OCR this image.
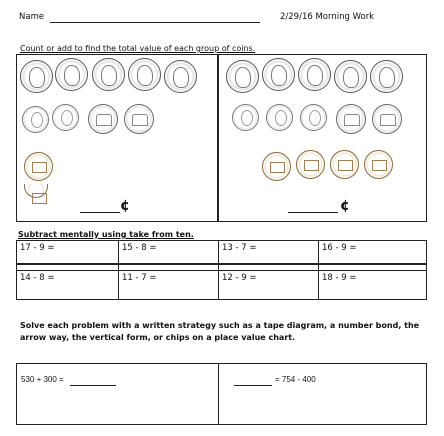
Name	2/29/16 Morning Work
Count or add to find the total value of each group of coins.
¢	¢
Subtract mentally using take from ten.
17 - 9 =	15 - 8 =	13 - 7 =	16 - 9 =
14 - 8 =	11 - 7 =	12 - 9 =	18 - 9 =
Solve each problem with a written strategy such as a tape diagram, a number bond, the arrow way, the vertical form, or chips on a place value chart.
530 + 300 =	= 754 - 400
